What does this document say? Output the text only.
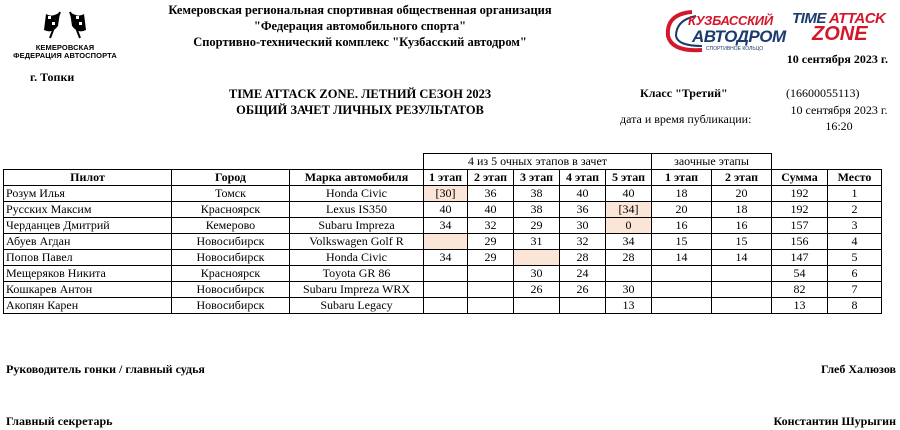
КЕМЕРОВСКАЯ
ФЕДЕРАЦИЯ АВТОСПОРТА
Кемеровская региональная спортивная общественная организация
"Федерация автомобильного спорта"
Спортивно-технический комплекс "Кузбасский автодром"
КУЗБАССКИЙ
АВТОДРОМ
СПОРТИВНОЕ КОЛЬЦО
TIME ATTACK
ZONE
10 сентября 2023 г.
г. Топки
TIME ATTACK ZONE. ЛЕТНИЙ СЕЗОН 2023
ОБЩИЙ ЗАЧЕТ ЛИЧНЫХ РЕЗУЛЬТАТОВ
Класс "Третий"	(16600055113)
дата и время публикации:
10 сентября 2023 г.
16:20
			4 из 5 очных этапов в зачет					заочные этапы			
Пилот	Город	Марка автомобиля	1 этап	2 этап	3 этап	4 этап	5 этап	1 этап	2 этап	Сумма	Место
Розум Илья	Томск	Honda Civic	[30]	36	38	40	40	18	20	192	1
Русских Максим	Красноярск	Lexus IS350	40	40	38	36	[34]	20	18	192	2
Черданцев Дмитрий	Кемерово	Subaru Impreza	34	32	29	30	0	16	16	157	3
Абуев Агдан	Новосибирск	Volkswagen Golf R		29	31	32	34	15	15	156	4
Попов Павел	Новосибирск	Honda Civic	34	29		28	28	14	14	147	5
Мещеряков Никита	Красноярск	Toyota GR 86			30	24				54	6
Кошкарев Антон	Новосибирск	Subaru Impreza WRX			26	26	30			82	7
Акопян Карен	Новосибирск	Subaru Legacy					13			13	8
Руководитель гонки / главный судья	Глеб Халюзов
Главный секретарь	Константин Шурыгин
